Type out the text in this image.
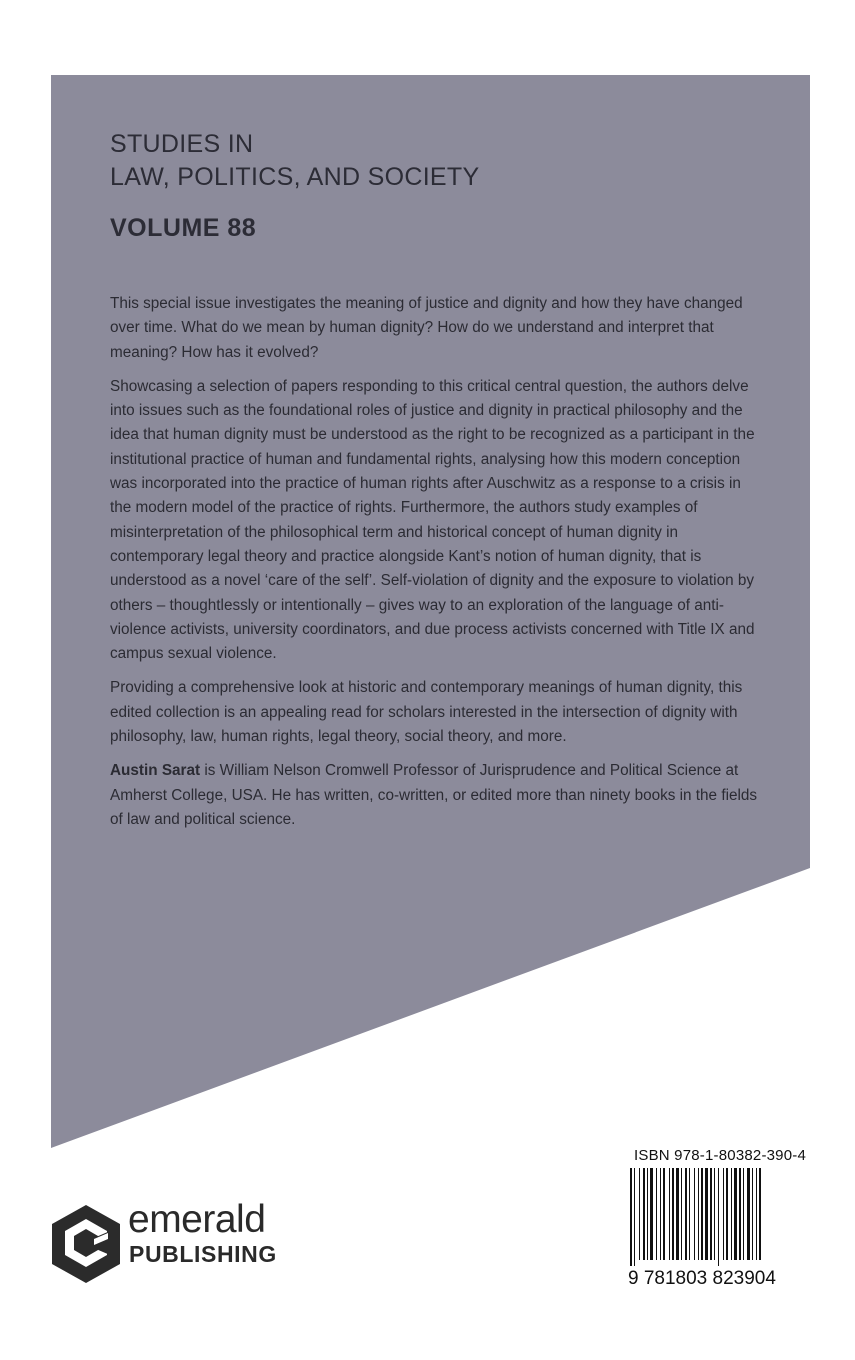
STUDIES IN
LAW, POLITICS, AND SOCIETY
VOLUME 88

This special issue investigates the meaning of justice and dignity and how they have changed over time. What do we mean by human dignity? How do we understand and interpret that meaning? How has it evolved?

Showcasing a selection of papers responding to this critical central question, the authors delve into issues such as the foundational roles of justice and dignity in practical philosophy and the idea that human dignity must be understood as the right to be recognized as a participant in the institutional practice of human and fundamental rights, analysing how this modern conception was incorporated into the practice of human rights after Auschwitz as a response to a crisis in the modern model of the practice of rights. Furthermore, the authors study examples of misinterpretation of the philosophical term and historical concept of human dignity in contemporary legal theory and practice alongside Kant’s notion of human dignity, that is understood as a novel ‘care of the self’. Self-violation of dignity and the exposure to violation by others – thoughtlessly or intentionally – gives way to an exploration of the language of anti-violence activists, university coordinators, and due process activists concerned with Title IX and campus sexual violence.

Providing a comprehensive look at historic and contemporary meanings of human dignity, this edited collection is an appealing read for scholars interested in the intersection of dignity with philosophy, law, human rights, legal theory, social theory, and more.

Austin Sarat is William Nelson Cromwell Professor of Jurisprudence and Political Science at Amherst College, USA. He has written, co-written, or edited more than ninety books in the fields of law and political science.

ISBN 978-1-80382-390-4
9 781803 823904
emerald
PUBLISHING
